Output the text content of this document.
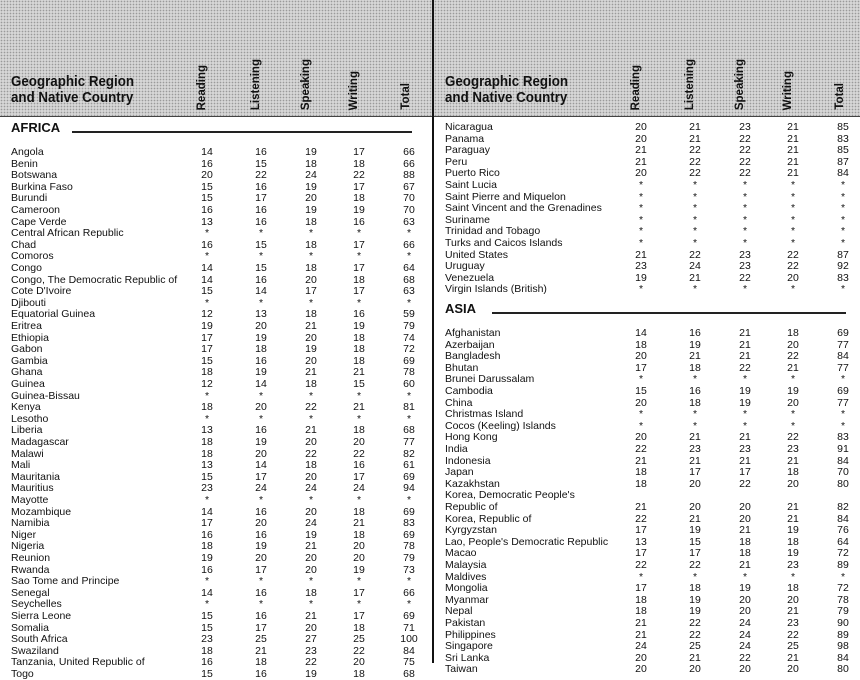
Geographic Region
and Native Country	Reading	Listening	Speaking	Writing	Total
AFRICA
Angola	14	16	19	17	66
Benin	16	15	18	18	66
Botswana	20	22	24	22	88
Burkina Faso	15	16	19	17	67
Burundi	15	17	20	18	70
Cameroon	16	16	19	19	70
Cape Verde	13	16	18	16	63
Central African Republic	*	*	*	*	*
Chad	16	15	18	17	66
Comoros	*	*	*	*	*
Congo	14	15	18	17	64
Congo, The Democratic Republic of	14	16	20	18	68
Cote D'Ivoire	15	14	17	17	63
Djibouti	*	*	*	*	*
Equatorial Guinea	12	13	18	16	59
Eritrea	19	20	21	19	79
Ethiopia	17	19	20	18	74
Gabon	17	18	19	18	72
Gambia	15	16	20	18	69
Ghana	18	19	21	21	78
Guinea	12	14	18	15	60
Guinea-Bissau	*	*	*	*	*
Kenya	18	20	22	21	81
Lesotho	*	*	*	*	*
Liberia	13	16	21	18	68
Madagascar	18	19	20	20	77
Malawi	18	20	22	22	82
Mali	13	14	18	16	61
Mauritania	15	17	20	17	69
Mauritius	23	24	24	24	94
Mayotte	*	*	*	*	*
Mozambique	14	16	20	18	69
Namibia	17	20	24	21	83
Niger	16	16	19	18	69
Nigeria	18	19	21	20	78
Reunion	19	20	20	20	79
Rwanda	16	17	20	19	73
Sao Tome and Principe	*	*	*	*	*
Senegal	14	16	18	17	66
Seychelles	*	*	*	*	*
Sierra Leone	15	16	21	17	69
Somalia	15	17	20	18	71
South Africa	23	25	27	25	100
Swaziland	18	21	23	22	84
Tanzania, United Republic of	16	18	22	20	75
Togo	15	16	19	18	68
Geographic Region
and Native Country	Reading	Listening	Speaking	Writing	Total
Nicaragua	20	21	23	21	85
Panama	20	21	22	21	83
Paraguay	21	22	22	21	85
Peru	21	22	22	21	87
Puerto Rico	20	22	22	21	84
Saint Lucia	*	*	*	*	*
Saint Pierre and Miquelon	*	*	*	*	*
Saint Vincent and the Grenadines	*	*	*	*	*
Suriname	*	*	*	*	*
Trinidad and Tobago	*	*	*	*	*
Turks and Caicos Islands	*	*	*	*	*
United States	21	22	23	22	87
Uruguay	23	24	23	22	92
Venezuela	19	21	22	20	83
Virgin Islands (British)	*	*	*	*	*
ASIA
Afghanistan	14	16	21	18	69
Azerbaijan	18	19	21	20	77
Bangladesh	20	21	21	22	84
Bhutan	17	18	22	21	77
Brunei Darussalam	*	*	*	*	*
Cambodia	15	16	19	19	69
China	20	18	19	20	77
Christmas Island	*	*	*	*	*
Cocos (Keeling) Islands	*	*	*	*	*
Hong Kong	20	21	21	22	83
India	22	23	23	23	91
Indonesia	21	21	21	21	84
Japan	18	17	17	18	70
Kazakhstan	18	20	22	20	80
Korea, Democratic People's
Republic of	21	20	20	21	82
Korea, Republic of	22	21	20	21	84
Kyrgyzstan	17	19	21	19	76
Lao, People's Democratic Republic	13	15	18	18	64
Macao	17	17	18	19	72
Malaysia	22	22	21	23	89
Maldives	*	*	*	*	*
Mongolia	17	18	19	18	72
Myanmar	18	19	20	20	78
Nepal	18	19	20	21	79
Pakistan	21	22	24	23	90
Philippines	21	22	24	22	89
Singapore	24	25	24	25	98
Sri Lanka	20	21	22	21	84
Taiwan	20	20	20	20	80
